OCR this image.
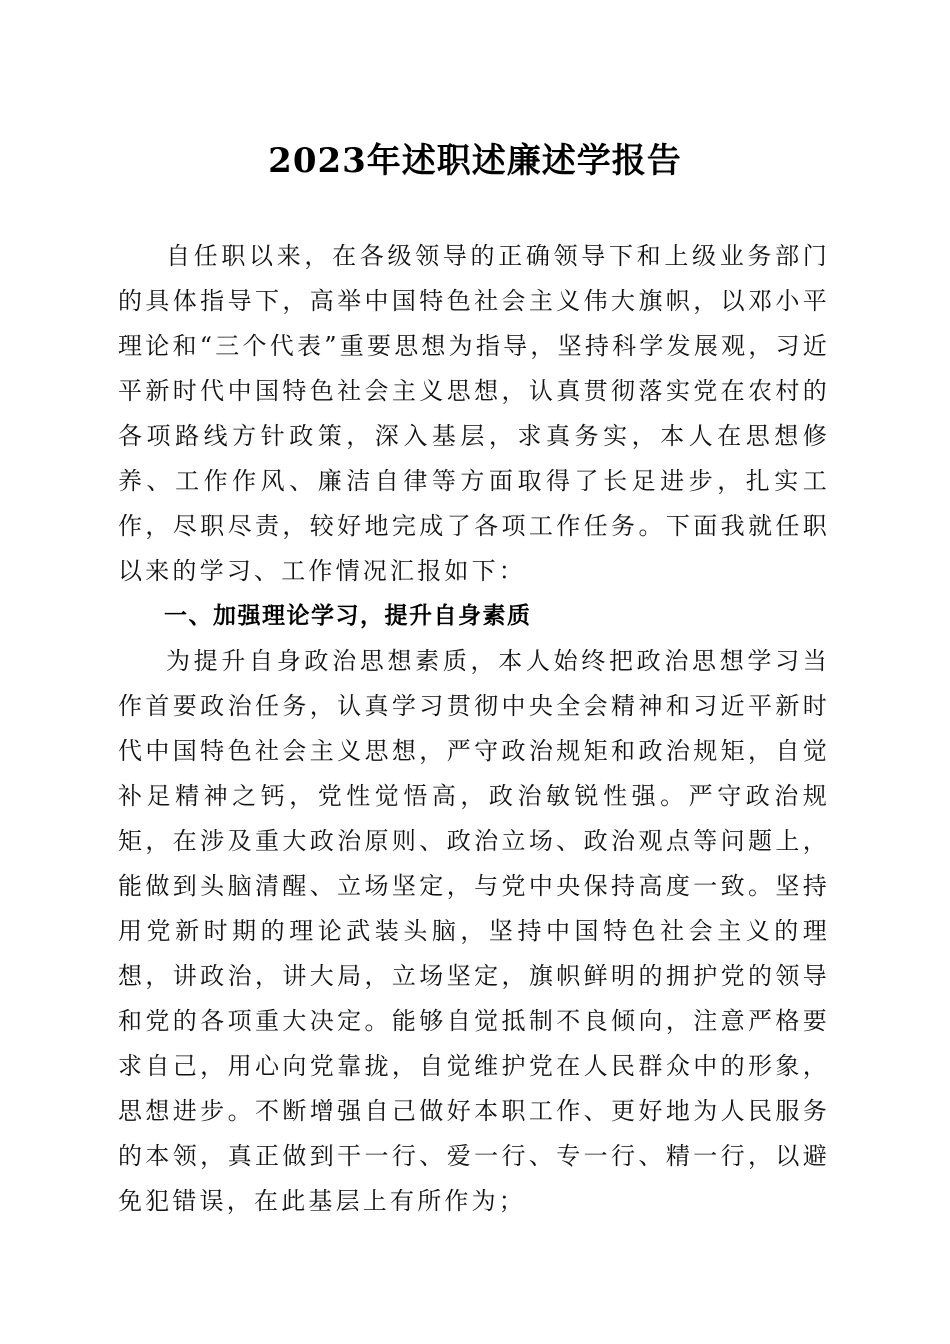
2023年述职述廉述学报告

自任职以来，在各级领导的正确领导下和上级业务部门的具体指导下，高举中国特色社会主义伟大旗帜，以邓小平理论和“三个代表”重要思想为指导，坚持科学发展观，习近平新时代中国特色社会主义思想，认真贯彻落实党在农村的各项路线方针政策，深入基层，求真务实，本人在思想修养、工作作风、廉洁自律等方面取得了长足进步，扎实工作，尽职尽责，较好地完成了各项工作任务。下面我就任职以来的学习、工作情况汇报如下：

一、加强理论学习，提升自身素质

为提升自身政治思想素质，本人始终把政治思想学习当作首要政治任务，认真学习贯彻中央全会精神和习近平新时代中国特色社会主义思想，严守政治规矩和政治规矩，自觉补足精神之钙，党性觉悟高，政治敏锐性强。严守政治规矩，在涉及重大政治原则、政治立场、政治观点等问题上，能做到头脑清醒、立场坚定，与党中央保持高度一致。坚持用党新时期的理论武装头脑，坚持中国特色社会主义的理想，讲政治，讲大局，立场坚定，旗帜鲜明的拥护党的领导和党的各项重大决定。能够自觉抵制不良倾向，注意严格要求自己，用心向党靠拢，自觉维护党在人民群众中的形象，思想进步。不断增强自己做好本职工作、更好地为人民服务的本领，真正做到干一行、爱一行、专一行、精一行，以避免犯错误，在此基层上有所作为；
